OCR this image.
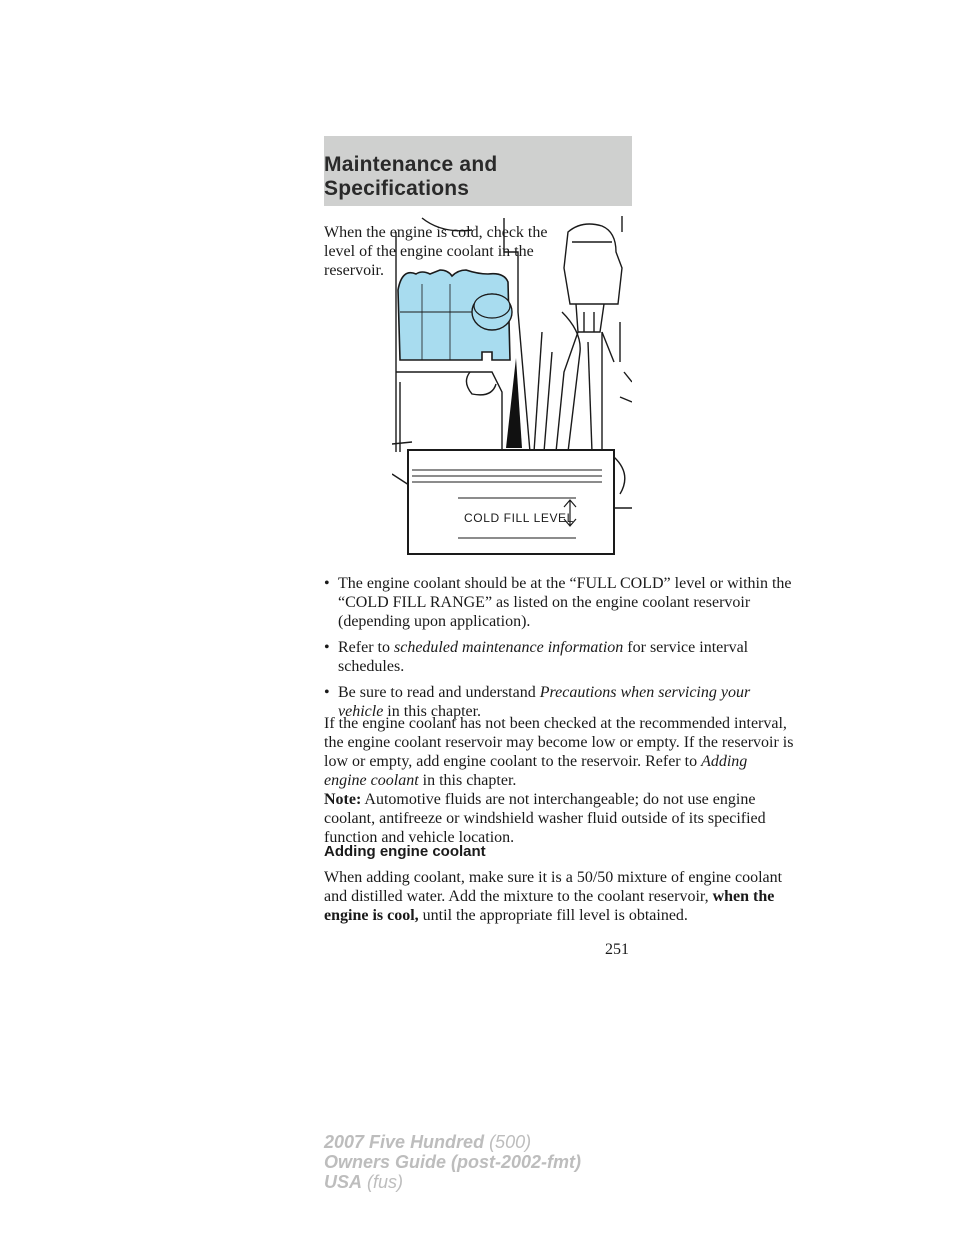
Maintenance and Specifications
When the engine is cold, check the
level of the engine coolant in the
reservoir.
COLD FILL LEVEL
• The engine coolant should be at the “FULL COLD” level or within the
“COLD FILL RANGE” as listed on the engine coolant reservoir
(depending upon application).
• Refer to scheduled maintenance information for service interval
schedules.
• Be sure to read and understand Precautions when servicing your
vehicle in this chapter.
If the engine coolant has not been checked at the recommended interval,
the engine coolant reservoir may become low or empty. If the reservoir is
low or empty, add engine coolant to the reservoir. Refer to Adding
engine coolant in this chapter.
Note: Automotive fluids are not interchangeable; do not use engine
coolant, antifreeze or windshield washer fluid outside of its specified
function and vehicle location.
Adding engine coolant
When adding coolant, make sure it is a 50/50 mixture of engine coolant
and distilled water. Add the mixture to the coolant reservoir, when the
engine is cool, until the appropriate fill level is obtained.
251
2007 Five Hundred (500)
Owners Guide (post-2002-fmt)
USA (fus)
